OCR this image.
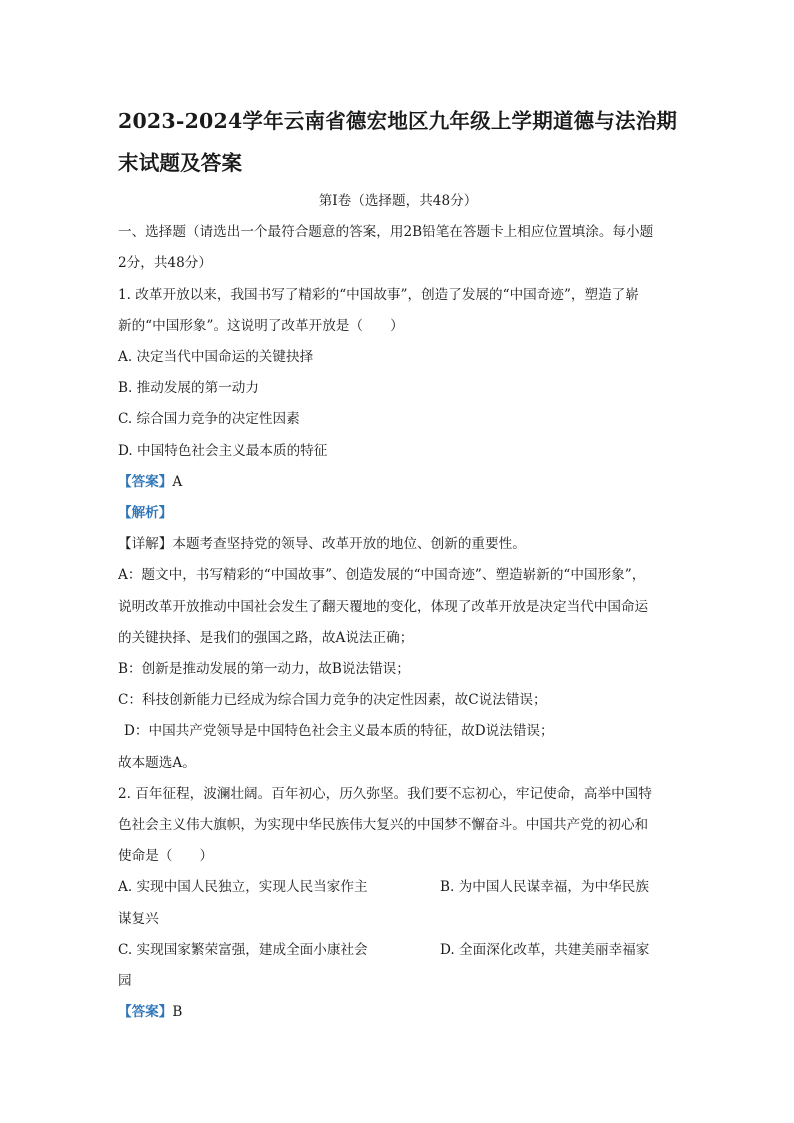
2023-2024学年云南省德宏地区九年级上学期道德与法治期
末试题及答案
第Ⅰ卷（选择题，共48分）
一、选择题（请选出一个最符合题意的答案，用2B铅笔在答题卡上相应位置填涂。每小题
2分，共48分）
1. 改革开放以来，我国书写了精彩的“中国故事”，创造了发展的“中国奇迹”，塑造了崭
新的“中国形象”。这说明了改革开放是（　　）
A. 决定当代中国命运的关键抉择
B. 推动发展的第一动力
C. 综合国力竞争的决定性因素
D. 中国特色社会主义最本质的特征
【答案】A
【解析】
【详解】本题考查坚持党的领导、改革开放的地位、创新的重要性。
A：题文中，书写精彩的“中国故事”、创造发展的“中国奇迹”、塑造崭新的“中国形象”，
说明改革开放推动中国社会发生了翻天覆地的变化，体现了改革开放是决定当代中国命运
的关键抉择、是我们的强国之路，故A说法正确；
B：创新是推动发展的第一动力，故B说法错误；
C：科技创新能力已经成为综合国力竞争的决定性因素，故C说法错误；
D：中国共产党领导是中国特色社会主义最本质的特征，故D说法错误；
故本题选A。
2. 百年征程，波澜壮阔。百年初心，历久弥坚。我们要不忘初心，牢记使命，高举中国特
色社会主义伟大旗帜，为实现中华民族伟大复兴的中国梦不懈奋斗。中国共产党的初心和
使命是（　　）
A. 实现中国人民独立，实现人民当家作主	B. 为中国人民谋幸福，为中华民族
谋复兴
C. 实现国家繁荣富强，建成全面小康社会	D. 全面深化改革，共建美丽幸福家
园
【答案】B
